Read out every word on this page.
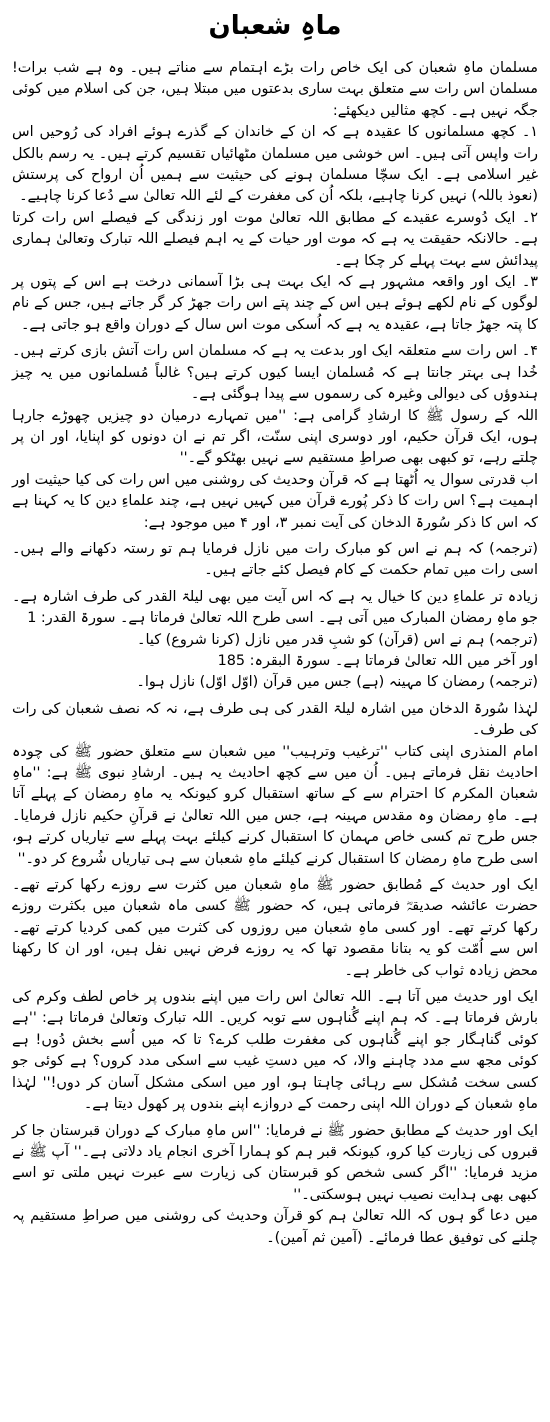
ماہِ شعبان

مسلمان ماہِ شعبان کی ایک خاص رات بڑے اہتمام سے مناتے ہیں۔ وہ ہے شب برات! مسلمان اس رات سے متعلق بہت ساری بدعتوں میں مبتلا ہیں، جن کی اسلام میں کوئی جگہ نہیں ہے۔ کچھ مثالیں دیکھئے:

۱۔ کچھ مسلمانوں کا عقیدہ ہے کہ ان کے خاندان کے گذرے ہوئے افراد کی رُوحیں اس رات واپس آتی ہیں۔ اس خوشی میں مسلمان مٹھائیاں تقسیم کرتے ہیں۔ یہ رسم بالکل غیر اسلامی ہے۔ ایک سچّا مسلمان ہونے کی حیثیت سے ہمیں اُن ارواح کی پرستش (نعوذ باللہ) نہیں کرنا چاہیے، بلکہ اُن کی مغفرت کے لئے اللہ تعالیٰ سے دُعا کرنا چاہیے۔

۲۔ ایک دُوسرے عقیدے کے مطابق اللہ تعالیٰ موت اور زندگی کے فیصلے اس رات کرتا ہے۔ حالانکہ حقیقت یہ ہے کہ موت اور حیات کے یہ اہم فیصلے اللہ تبارک وتعالیٰ ہماری پیدائش سے بہت پہلے کر چکا ہے۔

۳۔ ایک اور واقعہ مشہور ہے کہ ایک بہت ہی بڑا آسمانی درخت ہے اس کے پتوں پر لوگوں کے نام لکھے ہوئے ہیں اس کے چند پتے اس رات جھڑ کر گر جاتے ہیں، جس کے نام کا پتہ جھڑ جاتا ہے، عقیدہ یہ ہے کہ اُسکی موت اس سال کے دوران واقع ہو جاتی ہے۔

۴۔ اس رات سے متعلقہ ایک اور بدعت یہ ہے کہ مسلمان اس رات آتش بازی کرتے ہیں۔ خُدا ہی بہتر جانتا ہے کہ مُسلمان ایسا کیوں کرتے ہیں؟ غالباً مُسلمانوں میں یہ چیز ہندوؤں کی دیوالی وغیرہ کی رسموں سے پیدا ہوگئی ہے۔

اللہ کے رسول ﷺ کا ارشادِ گرامی ہے: ''میں تمہارے درمیان دو چیزیں چھوڑے جارہا ہوں، ایک قرآن حکیم، اور دوسری اپنی سنّت، اگر تم نے ان دونوں کو اپنایا، اور ان پر چلتے رہے، تو کبھی بھی صراطِ مستقیم سے نہیں بھٹکو گے۔''

اب قدرتی سوال یہ اُٹھتا ہے کہ قرآن وحدیث کی روشنی میں اس رات کی کیا حیثیت اور اہمیت ہے؟ اس رات کا ذکر پُورے قرآن میں کہیں نہیں ہے، چند علماءِ دین کا یہ کہنا ہے کہ اس کا ذکر سُورۃ الدخان کی آیت نمبر ۳، اور ۴ میں موجود ہے:

(ترجمہ) کہ ہم نے اس کو مبارک رات میں نازل فرمایا ہم تو رستہ دکھانے والے ہیں۔ اسی رات میں تمام حکمت کے کام فیصل کئے جاتے ہیں۔

زیادہ تر علماءِ دین کا خیال یہ ہے کہ اس آیت میں بھی لیلۃ القدر کی طرف اشارہ ہے۔ جو ماہِ رمضان المبارک میں آتی ہے۔ اسی طرح اللہ تعالیٰ فرماتا ہے۔ سورۃ القدر: 1

(ترجمہ) ہم نے اس (قرآن) کو شبِ قدر میں نازل (کرنا شروع) کیا۔

اور آخر میں اللہ تعالیٰ فرماتا ہے۔ سورۃ البقرہ: 185

(ترجمہ) رمضان کا مہینہ (ہے) جس میں قرآن (اوّل اوّل) نازل ہوا۔

لہٰذا سُورۃ الدخان میں اشارہ لیلۃ القدر کی ہی طرف ہے، نہ کہ نصف شعبان کی رات کی طرف۔

امام المنذری اپنی کتاب ''ترغیب وترہیب'' میں شعبان سے متعلق حضور ﷺ کی چودہ احادیث نقل فرماتے ہیں۔ اُن میں سے کچھ احادیث یہ ہیں۔ ارشادِ نبوی ﷺ ہے: ''ماہِ شعبان المکرم کا احترام سے کے ساتھ استقبال کرو کیونکہ یہ ماہِ رمضان کے پہلے آتا ہے۔ ماہِ رمضان وہ مقدس مہینہ ہے، جس میں اللہ تعالیٰ نے قرآنِ حکیم نازل فرمایا۔ جس طرح تم کسی خاص مہمان کا استقبال کرنے کیلئے بہت پہلے سے تیاریاں کرتے ہو، اسی طرح ماہِ رمضان کا استقبال کرنے کیلئے ماہِ شعبان سے ہی تیاریاں شُروع کر دو۔''

ایک اور حدیث کے مُطابق حضور ﷺ ماہِ شعبان میں کثرت سے روزے رکھا کرتے تھے۔ حضرت عائشہ صدیقہؓ فرماتی ہیں، کہ حضور ﷺ کسی ماہ شعبان میں بکثرت روزے رکھا کرتے تھے۔ اور کسی ماہِ شعبان میں روزوں کی کثرت میں کمی کردیا کرتے تھے۔ اس سے اُمّت کو یہ بتانا مقصود تھا کہ یہ روزے فرض نہیں نفل ہیں، اور ان کا رکھنا محض زیادہ ثواب کی خاطر ہے۔

ایک اور حدیث میں آتا ہے۔ اللہ تعالیٰ اس رات میں اپنے بندوں پر خاص لطف وکرم کی بارش فرماتا ہے۔ کہ ہم اپنے گُناہوں سے توبہ کریں۔ اللہ تبارک وتعالیٰ فرماتا ہے: ''ہے کوئی گناہگار جو اپنے گُناہوں کی مغفرت طلب کرے؟ تا کہ میں اُسے بخش دُوں! ہے کوئی مجھ سے مدد چاہنے والا، کہ میں دستِ غیب سے اسکی مدد کروں؟ ہے کوئی جو کسی سخت مُشکل سے رہائی چاہتا ہو، اور میں اسکی مشکل آسان کر دوں!'' لہٰذا ماہِ شعبان کے دوران اللہ اپنی رحمت کے دروازے اپنے بندوں پر کھول دیتا ہے۔

ایک اور حدیث کے مطابق حضور ﷺ نے فرمایا: ''اس ماہِ مبارک کے دوران قبرستان جا کر قبروں کی زیارت کیا کرو، کیونکہ قبر ہم کو ہمارا آخری انجام یاد دلاتی ہے۔'' آپ ﷺ نے مزید فرمایا: ''اگر کسی شخص کو قبرستان کی زیارت سے عبرت نہیں ملتی تو اسے کبھی بھی ہدایت نصیب نہیں ہوسکتی۔''

میں دعا گو ہوں کہ اللہ تعالیٰ ہم کو قرآن وحدیث کی روشنی میں صراطِ مستقیم پہ چلنے کی توفیق عطا فرمائے۔ (آمین ثم آمین)۔
